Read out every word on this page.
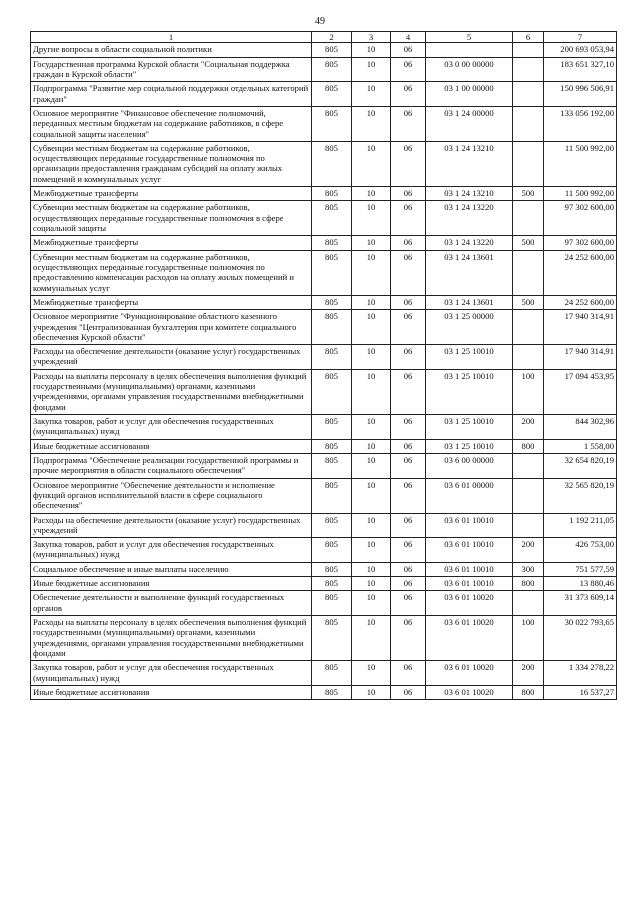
49
1	2	3	4	5	6	7
Другие вопросы в области социальной политики	805	10	06			200 693 053,94
Государственная программа Курской области "Социальная поддержка граждан в Курской области"	805	10	06	03 0 00 00000		183 651 327,10
Подпрограмма "Развитие мер социальной поддержки отдельных категорий граждан"	805	10	06	03 1 00 00000		150 996 506,91
Основное мероприятие "Финансовое обеспечение полномочий, переданных местным бюджетам на содержание работников, в сфере социальной защиты населения"	805	10	06	03 1 24 00000		133 056 192,00
Субвенции местным бюджетам на содержание работников, осуществляющих переданные государственные полномочия по организации предоставления гражданам субсидий на оплату жилых помещений и коммунальных услуг	805	10	06	03 1 24 13210		11 500 992,00
Межбюджетные трансферты	805	10	06	03 1 24 13210	500	11 500 992,00
Субвенции местным бюджетам на содержание работников, осуществляющих переданные государственные полномочия в сфере социальной защиты	805	10	06	03 1 24 13220		97 302 600,00
Межбюджетные трансферты	805	10	06	03 1 24 13220	500	97 302 600,00
Субвенции местным бюджетам на содержание работников, осуществляющих переданные государственные полномочия по предоставлению компенсации расходов на оплату жилых помещений и коммунальных услуг	805	10	06	03 1 24 13601		24 252 600,00
Межбюджетные трансферты	805	10	06	03 1 24 13601	500	24 252 600,00
Основное мероприятие "Функционирование областного казенного учреждения "Централизованная бухгалтерия при комитете социального обеспечения Курской области"	805	10	06	03 1 25 00000		17 940 314,91
Расходы на обеспечение деятельности (оказание услуг) государственных учреждений	805	10	06	03 1 25 10010		17 940 314,91
Расходы на выплаты персоналу в целях обеспечения выполнения функций государственными (муниципальными) органами, казенными учреждениями, органами управления государственными внебюджетными фондами	805	10	06	03 1 25 10010	100	17 094 453,95
Закупка товаров, работ и услуг для обеспечения государственных (муниципальных) нужд	805	10	06	03 1 25 10010	200	844 302,96
Иные бюджетные ассигнования	805	10	06	03 1 25 10010	800	1 558,00
Подпрограмма "Обеспечение реализации государственной программы и прочие мероприятия в области социального обеспечения"	805	10	06	03 6 00 00000		32 654 820,19
Основное мероприятие "Обеспечение деятельности и исполнение функций органов исполнительной власти в сфере социального обеспечения"	805	10	06	03 6 01 00000		32 565 820,19
Расходы на обеспечение деятельности (оказание услуг) государственных учреждений	805	10	06	03 6 01 10010		1 192 211,05
Закупка товаров, работ и услуг для обеспечения государственных (муниципальных) нужд	805	10	06	03 6 01 10010	200	426 753,00
Социальное обеспечение и иные выплаты населению	805	10	06	03 6 01 10010	300	751 577,59
Иные бюджетные ассигнования	805	10	06	03 6 01 10010	800	13 880,46
Обеспечение деятельности и выполнение функций государственных органов	805	10	06	03 6 01 10020		31 373 609,14
Расходы на выплаты персоналу в целях обеспечения выполнения функций государственными (муниципальными) органами, казенными учреждениями, органами управления государственными внебюджетными фондами	805	10	06	03 6 01 10020	100	30 022 793,65
Закупка товаров, работ и услуг для обеспечения государственных (муниципальных) нужд	805	10	06	03 6 01 10020	200	1 334 278,22
Иные бюджетные ассигнования	805	10	06	03 6 01 10020	800	16 537,27
